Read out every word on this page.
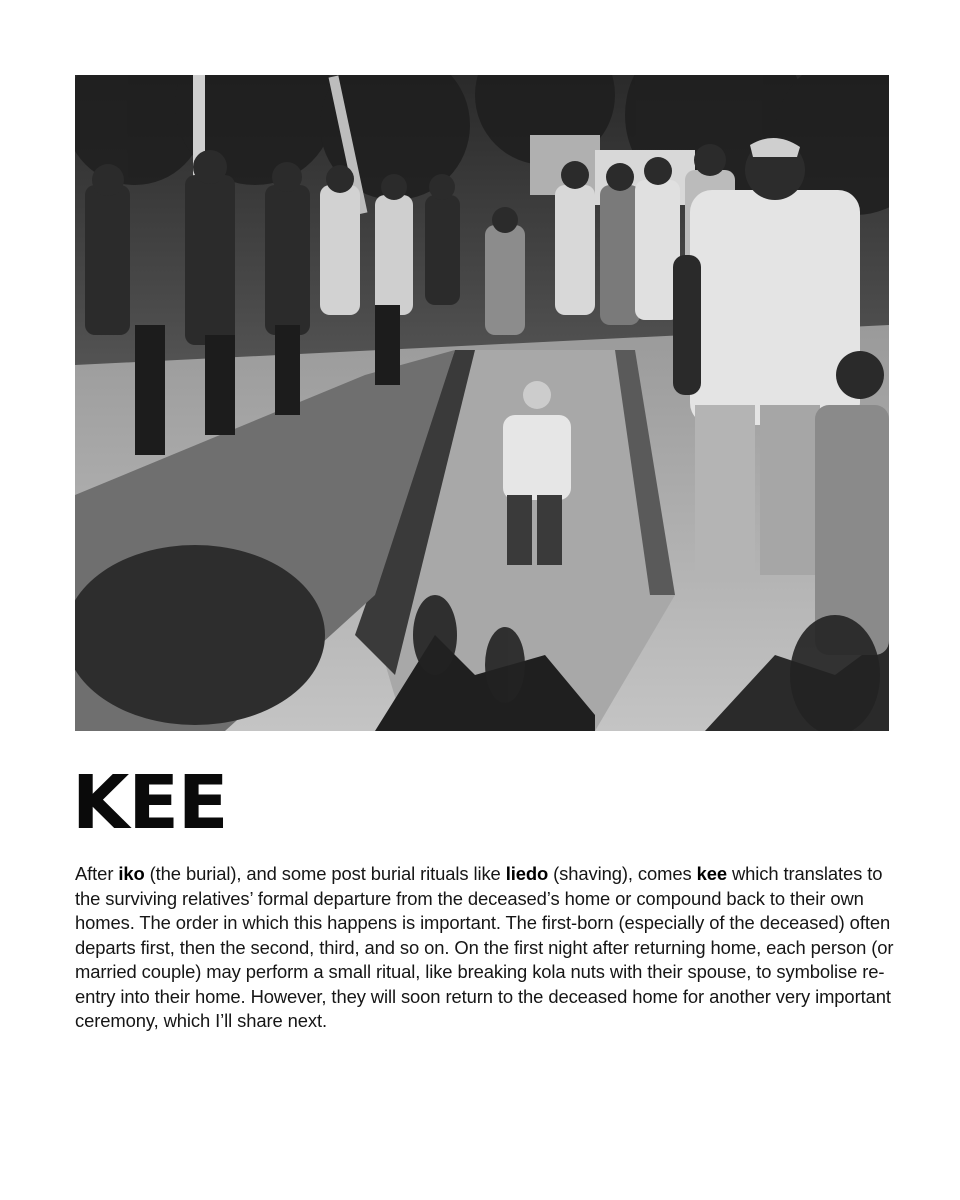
KEE

After iko (the burial), and some post burial rituals like liedo (shaving), comes kee which translates to the surviving relatives’ formal departure from the deceased’s home or compound back to their own homes. The order in which this happens is important. The first-born (especially of the deceased) often departs first, then the second, third, and so on. On the first night after returning home, each person (or married couple) may perform a small ritual, like breaking kola nuts with their spouse, to symbolise re-entry into their home. However, they will soon return to the deceased home for another very important ceremony, which I’ll share next.
